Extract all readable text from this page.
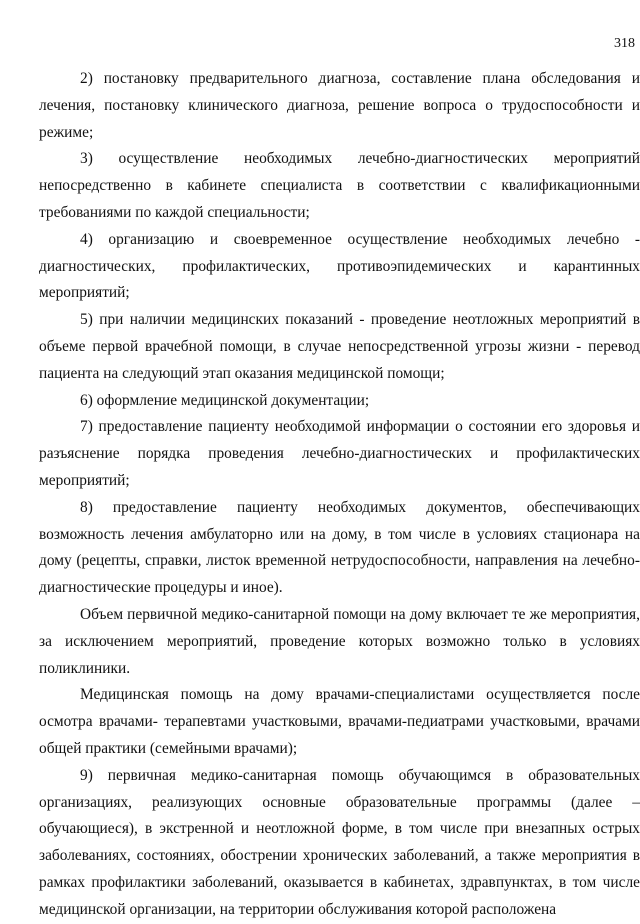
318

2) постановку предварительного диагноза, составление плана обследования и лечения, постановку клинического диагноза, решение вопроса о трудоспособности и режиме;

3) осуществление необходимых лечебно-диагностических мероприятий непосредственно в кабинете специалиста в соответствии с квалификационными требованиями по каждой специальности;

4) организацию и своевременное осуществление необходимых лечебно - диагностических, профилактических, противоэпидемических и карантинных мероприятий;

5) при наличии медицинских показаний - проведение неотложных мероприятий в объеме первой врачебной помощи, в случае непосредственной угрозы жизни - перевод пациента на следующий этап оказания медицинской помощи;

6) оформление медицинской документации;

7) предоставление пациенту необходимой информации о состоянии его здоровья и разъяснение порядка проведения лечебно-диагностических и профилактических мероприятий;

8) предоставление пациенту необходимых документов, обеспечивающих возможность лечения амбулаторно или на дому, в том числе в условиях стационара на дому (рецепты, справки, листок временной нетрудоспособности, направления на лечебно-диагностические процедуры и иное).

Объем первичной медико-санитарной помощи на дому включает те же мероприятия, за исключением мероприятий, проведение которых возможно только в условиях поликлиники.

Медицинская помощь на дому врачами-специалистами осуществляется после осмотра врачами- терапевтами участковыми, врачами-педиатрами участковыми, врачами общей практики (семейными врачами);

9) первичная медико-санитарная помощь обучающимся в образовательных организациях, реализующих основные образовательные программы (далее – обучающиеся), в экстренной и неотложной форме, в том числе при внезапных острых заболеваниях, состояниях, обострении хронических заболеваний, а также мероприятия в рамках профилактики заболеваний, оказывается в кабинетах, здравпунктах, в том числе медицинской организации, на территории обслуживания которой расположена
